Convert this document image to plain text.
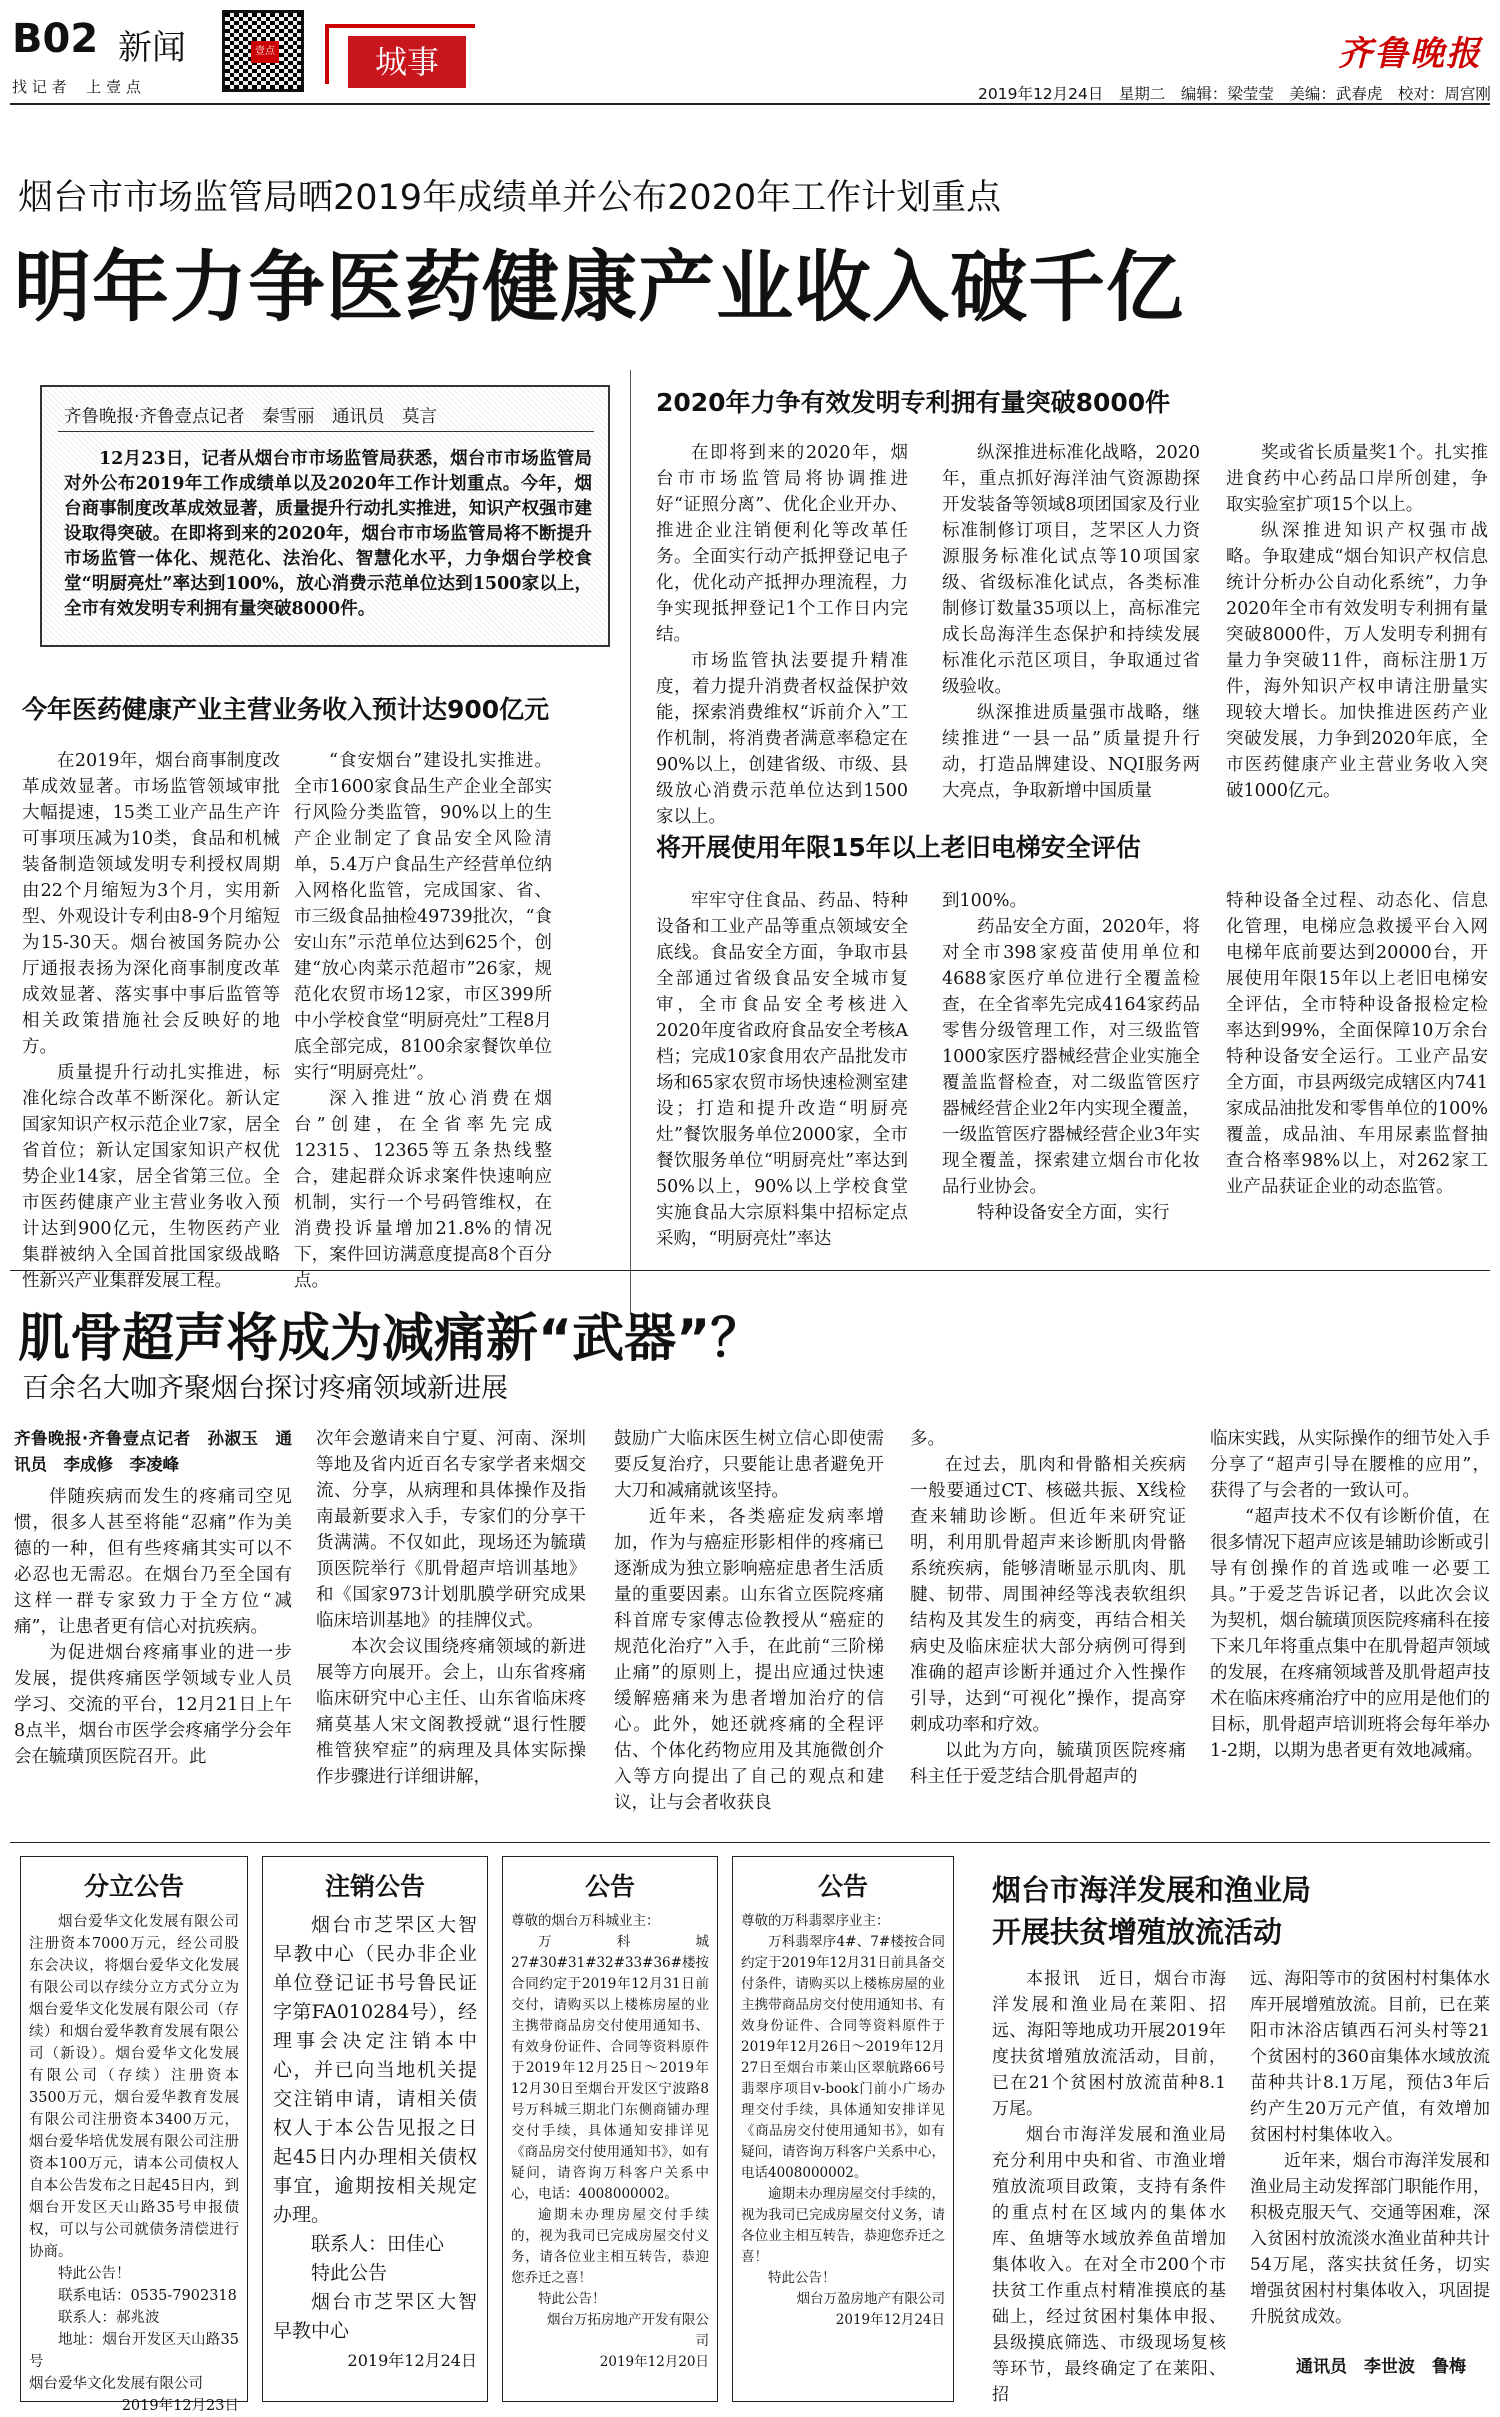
B02 新闻
找 记 者 　上 壹 点
壹点	城事	齐鲁晚报
2019年12月24日　星期二　编辑：梁莹莹　美编：武春虎　校对：周宫刚
烟台市市场监管局晒2019年成绩单并公布2020年工作计划重点
明年力争医药健康产业收入破千亿
齐鲁晚报·齐鲁壹点记者　秦雪丽　通讯员　莫言
12月23日，记者从烟台市市场监管局获悉，烟台市市场监管局对外公布2019年工作成绩单以及2020年工作计划重点。今年，烟台商事制度改革成效显著，质量提升行动扎实推进，知识产权强市建设取得突破。在即将到来的2020年，烟台市市场监管局将不断提升市场监管一体化、规范化、法治化、智慧化水平，力争烟台学校食堂“明厨亮灶”率达到100%，放心消费示范单位达到1500家以上，全市有效发明专利拥有量突破8000件。
今年医药健康产业主营业务收入预计达900亿元

在2019年，烟台商事制度改革成效显著。市场监管领域审批大幅提速，15类工业产品生产许可事项压减为10类，食品和机械装备制造领域发明专利授权周期由22个月缩短为3个月，实用新型、外观设计专利由8-9个月缩短为15-30天。烟台被国务院办公厅通报表扬为深化商事制度改革成效显著、落实事中事后监管等相关政策措施社会反映好的地方。

质量提升行动扎实推进，标准化综合改革不断深化。新认定国家知识产权示范企业7家，居全省首位；新认定国家知识产权优势企业14家，居全省第三位。全市医药健康产业主营业务收入预计达到900亿元，生物医药产业集群被纳入全国首批国家级战略性新兴产业集群发展工程。

“食安烟台”建设扎实推进。全市1600家食品生产企业全部实行风险分类监管，90%以上的生产企业制定了食品安全风险清单，5.4万户食品生产经营单位纳入网格化监管，完成国家、省、市三级食品抽检49739批次，“食安山东”示范单位达到625个，创建“放心肉菜示范超市”26家，规范化农贸市场12家，市区399所中小学校食堂“明厨亮灶”工程8月底全部完成，8100余家餐饮单位实行“明厨亮灶”。

深入推进“放心消费在烟台”创建，在全省率先完成12315、12365等五条热线整合，建起群众诉求案件快速响应机制，实行一个号码管维权，在消费投诉量增加21.8%的情况下，案件回访满意度提高8个百分点。

2020年力争有效发明专利拥有量突破8000件

在即将到来的2020年，烟台市市场监管局将协调推进好“证照分离”、优化企业开办、推进企业注销便利化等改革任务。全面实行动产抵押登记电子化，优化动产抵押办理流程，力争实现抵押登记1个工作日内完结。

市场监管执法要提升精准度，着力提升消费者权益保护效能，探索消费维权“诉前介入”工作机制，将消费者满意率稳定在90%以上，创建省级、市级、县级放心消费示范单位达到1500家以上。

纵深推进标准化战略，2020年，重点抓好海洋油气资源勘探开发装备等领域8项团国家及行业标准制修订项目，芝罘区人力资源服务标准化试点等10项国家级、省级标准化试点，各类标准制修订数量35项以上，高标准完成长岛海洋生态保护和持续发展标准化示范区项目，争取通过省级验收。

纵深推进质量强市战略，继续推进“一县一品”质量提升行动，打造品牌建设、NQI服务两大亮点，争取新增中国质量

奖或省长质量奖1个。扎实推进食药中心药品口岸所创建，争取实验室扩项15个以上。

纵深推进知识产权强市战略。争取建成“烟台知识产权信息统计分析办公自动化系统”，力争2020年全市有效发明专利拥有量突破8000件，万人发明专利拥有量力争突破11件，商标注册1万件，海外知识产权申请注册量实现较大增长。加快推进医药产业突破发展，力争到2020年底，全市医药健康产业主营业务收入突破1000亿元。

将开展使用年限15年以上老旧电梯安全评估

牢牢守住食品、药品、特种设备和工业产品等重点领域安全底线。食品安全方面，争取市县全部通过省级食品安全城市复审，全市食品安全考核进入2020年度省政府食品安全考核A档；完成10家食用农产品批发市场和65家农贸市场快速检测室建设；打造和提升改造“明厨亮灶”餐饮服务单位2000家，全市餐饮服务单位“明厨亮灶”率达到50%以上，90%以上学校食堂实施食品大宗原料集中招标定点采购，“明厨亮灶”率达

到100%。

药品安全方面，2020年，将对全市398家疫苗使用单位和4688家医疗单位进行全覆盖检查，在全省率先完成4164家药品零售分级管理工作，对三级监管1000家医疗器械经营企业实施全覆盖监督检查，对二级监管医疗器械经营企业2年内实现全覆盖，一级监管医疗器械经营企业3年实现全覆盖，探索建立烟台市化妆品行业协会。

特种设备安全方面，实行

特种设备全过程、动态化、信息化管理，电梯应急救援平台入网电梯年底前要达到20000台，开展使用年限15年以上老旧电梯安全评估，全市特种设备报检定检率达到99%，全面保障10万余台特种设备安全运行。工业产品安全方面，市县两级完成辖区内741家成品油批发和零售单位的100%覆盖，成品油、车用尿素监督抽查合格率98%以上，对262家工业产品获证企业的动态监管。

肌骨超声将成为减痛新“武器”？
百余名大咖齐聚烟台探讨疼痛领域新进展

齐鲁晚报·齐鲁壹点记者　孙淑玉　通讯员　李成修　李凌峰

伴随疾病而发生的疼痛司空见惯，很多人甚至将能“忍痛”作为美德的一种，但有些疼痛其实可以不必忍也无需忍。在烟台乃至全国有这样一群专家致力于全方位“减痛”，让患者更有信心对抗疾病。

为促进烟台疼痛事业的进一步发展，提供疼痛医学领域专业人员学习、交流的平台，12月21日上午8点半，烟台市医学会疼痛学分会年会在毓璜顶医院召开。此

次年会邀请来自宁夏、河南、深圳等地及省内近百名专家学者来烟交流、分享，从病理和具体操作及指南最新要求入手，专家们的分享干货满满。不仅如此，现场还为毓璜顶医院举行《肌骨超声培训基地》和《国家973计划肌膜学研究成果临床培训基地》的挂牌仪式。

本次会议围绕疼痛领域的新进展等方向展开。会上，山东省疼痛临床研究中心主任、山东省临床疼痛莫基人宋文阁教授就“退行性腰椎管狭窄症”的病理及具体实际操作步骤进行详细讲解，

鼓励广大临床医生树立信心即使需要反复治疗，只要能让患者避免开大刀和减痛就该坚持。

近年来，各类癌症发病率增加，作为与癌症形影相伴的疼痛已逐渐成为独立影响癌症患者生活质量的重要因素。山东省立医院疼痛科首席专家傅志俭教授从“癌症的规范化治疗”入手，在此前“三阶梯止痛”的原则上，提出应通过快速缓解癌痛来为患者增加治疗的信心。此外，她还就疼痛的全程评估、个体化药物应用及其施微创介入等方向提出了自己的观点和建议，让与会者收获良

多。

在过去，肌肉和骨骼相关疾病一般要通过CT、核磁共振、X线检查来辅助诊断。但近年来研究证明，利用肌骨超声来诊断肌肉骨骼系统疾病，能够清晰显示肌肉、肌腱、韧带、周围神经等浅表软组织结构及其发生的病变，再结合相关病史及临床症状大部分病例可得到准确的超声诊断并通过介入性操作引导，达到“可视化”操作，提高穿刺成功率和疗效。

以此为方向，毓璜顶医院疼痛科主任于爱芝结合肌骨超声的

临床实践，从实际操作的细节处入手分享了“超声引导在腰椎的应用”，获得了与会者的一致认可。

“超声技术不仅有诊断价值，在很多情况下超声应该是辅助诊断或引导有创操作的首选或唯一必要工具。”于爱芝告诉记者，以此次会议为契机，烟台毓璜顶医院疼痛科在接下来几年将重点集中在肌骨超声领域的发展，在疼痛领域普及肌骨超声技术在临床疼痛治疗中的应用是他们的目标，肌骨超声培训班将会每年举办1-2期，以期为患者更有效地减痛。

分立公告

烟台爱华文化发展有限公司注册资本7000万元，经公司股东会决议，将烟台爱华文化发展有限公司以存续分立方式分立为烟台爱华文化发展有限公司（存续）和烟台爱华教育发展有限公司（新设）。烟台爱华文化发展有限公司（存续）注册资本3500万元，烟台爱华教育发展有限公司注册资本3400万元，烟台爱华培优发展有限公司注册资本100万元，请本公司债权人自本公告发布之日起45日内，到烟台开发区天山路35号申报债权，可以与公司就债务清偿进行协商。

特此公告！

联系电话：0535-7902318

联系人：郝兆波

地址：烟台开发区天山路35号

烟台爱华文化发展有限公司

2019年12月23日

注销公告

烟台市芝罘区大智早教中心（民办非企业单位登记证书号鲁民证字第FA010284号），经理事会决定注销本中心，并已向当地机关提交注销申请，请相关债权人于本公告见报之日起45日内办理相关债权事宜，逾期按相关规定办理。

联系人：田佳心

特此公告

烟台市芝罘区大智早教中心

2019年12月24日

公告

尊敬的烟台万科城业主：

万科城27#30#31#32#33#36#楼按合同约定于2019年12月31日前交付，请购买以上楼栋房屋的业主携带商品房交付使用通知书、有效身份证件、合同等资料原件于2019年12月25日～2019年12月30日至烟台开发区宁波路8号万科城三期北门东侧商铺办理交付手续，具体通知安排详见《商品房交付使用通知书》，如有疑问，请咨询万科客户关系中心，电话：4008000002。

逾期未办理房屋交付手续的，视为我司已完成房屋交付义务，请各位业主相互转告，恭迎您乔迁之喜！

特此公告！

烟台万拓房地产开发有限公司

2019年12月20日

公告

尊敬的万科翡翠序业主：

万科翡翠序4#、7#楼按合同约定于2019年12月31日前具备交付条件，请购买以上楼栋房屋的业主携带商品房交付使用通知书、有效身份证件、合同等资料原件于2019年12月26日～2019年12月27日至烟台市莱山区翠航路66号翡翠序项目v-book门前小广场办理交付手续，具体通知安排详见《商品房交付使用通知书》，如有疑问，请咨询万科客户关系中心，电话4008000002。

逾期未办理房屋交付手续的，视为我司已完成房屋交付义务，请各位业主相互转告，恭迎您乔迁之喜！

特此公告！

烟台万盈房地产有限公司

2019年12月24日

烟台市海洋发展和渔业局
开展扶贫增殖放流活动

本报讯　近日，烟台市海洋发展和渔业局在莱阳、招远、海阳等地成功开展2019年度扶贫增殖放流活动，目前，已在21个贫困村放流苗种8.1万尾。

烟台市海洋发展和渔业局充分利用中央和省、市渔业增殖放流项目政策，支持有条件的重点村在区域内的集体水库、鱼塘等水域放养鱼苗增加集体收入。在对全市200个市扶贫工作重点村精准摸底的基础上，经过贫困村集体申报、县级摸底筛选、市级现场复核等环节，最终确定了在莱阳、招

远、海阳等市的贫困村村集体水库开展增殖放流。目前，已在莱阳市沐浴店镇西石河头村等21个贫困村的360亩集体水域放流苗种共计8.1万尾，预估3年后约产生20万元产值，有效增加贫困村村集体收入。

近年来，烟台市海洋发展和渔业局主动发挥部门职能作用，积极克服天气、交通等困难，深入贫困村放流淡水渔业苗种共计54万尾，落实扶贫任务，切实增强贫困村村集体收入，巩固提升脱贫成效。

通讯员　李世波　鲁梅
